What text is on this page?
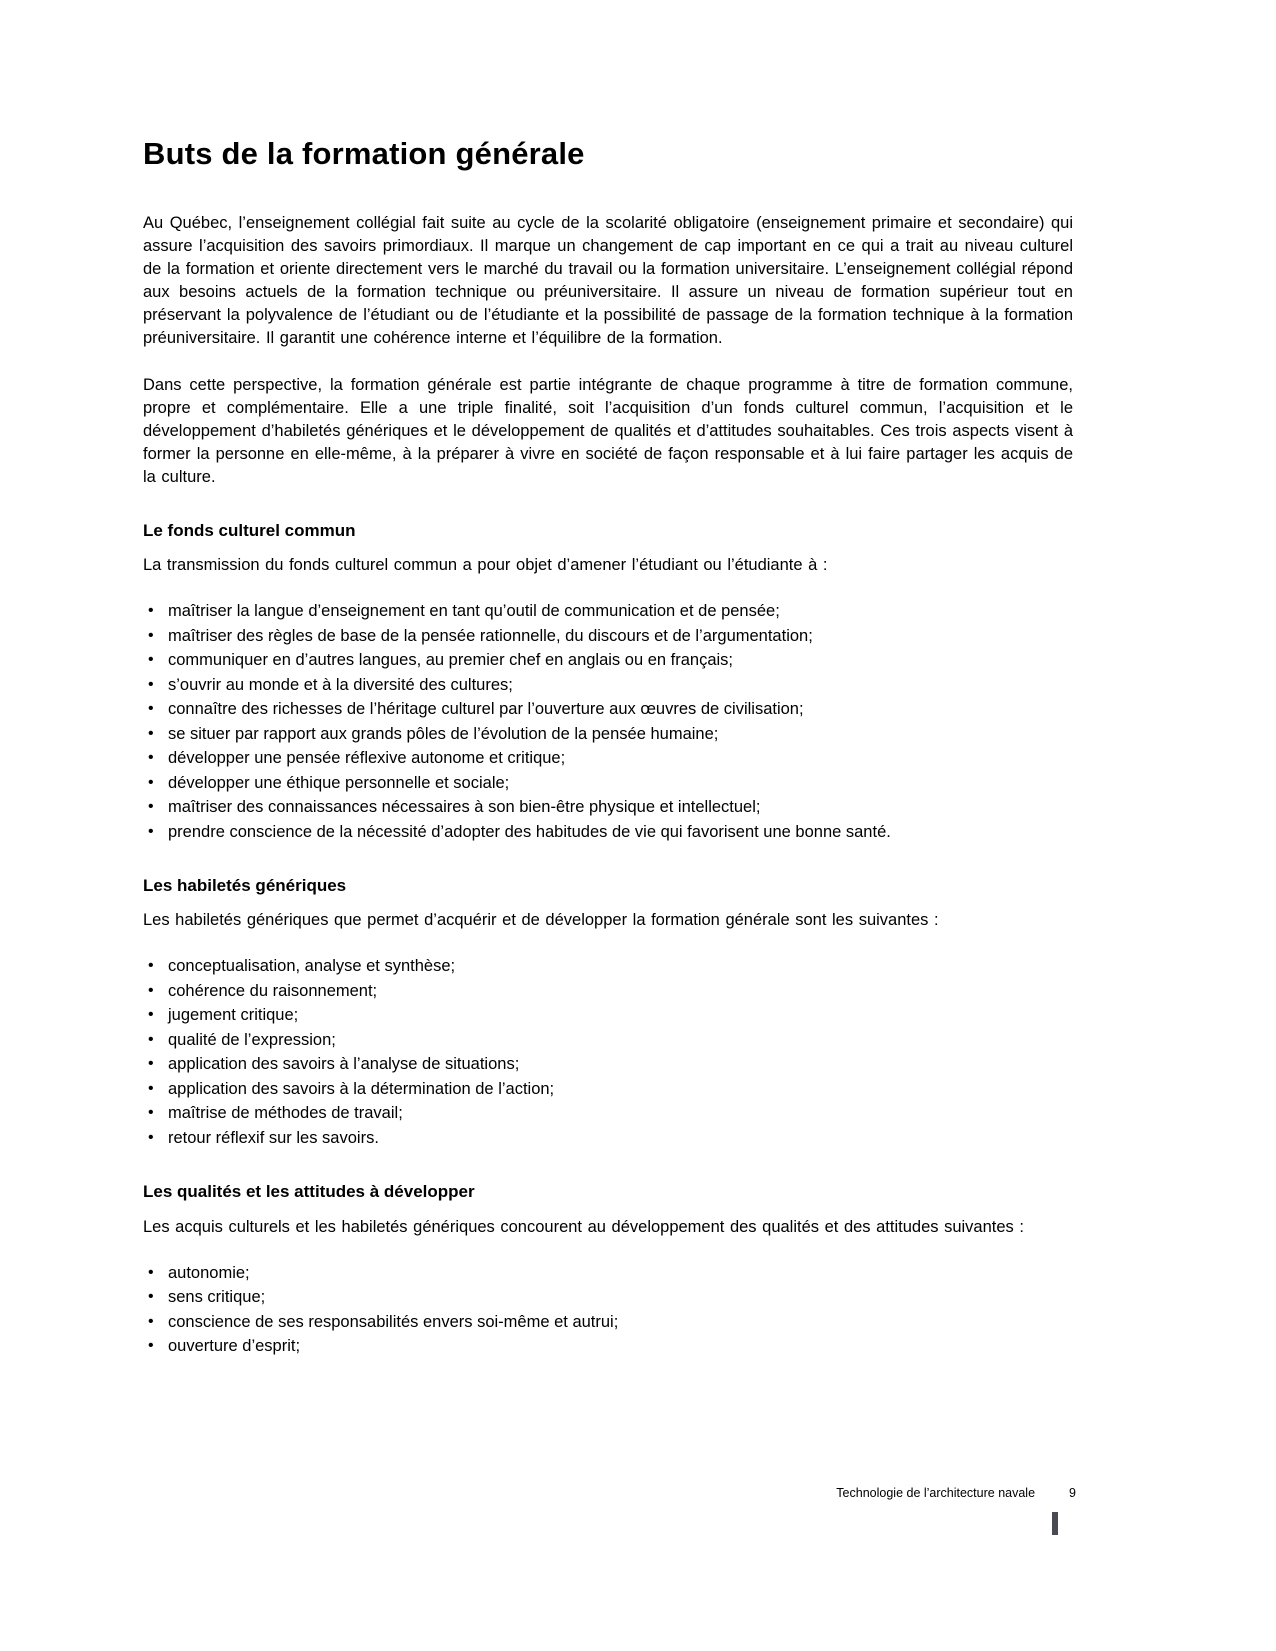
Buts de la formation générale

Au Québec, l’enseignement collégial fait suite au cycle de la scolarité obligatoire (enseignement primaire et secondaire) qui assure l’acquisition des savoirs primordiaux. Il marque un changement de cap important en ce qui a trait au niveau culturel de la formation et oriente directement vers le marché du travail ou la formation universitaire. L’enseignement collégial répond aux besoins actuels de la formation technique ou préuniversitaire. Il assure un niveau de formation supérieur tout en préservant la polyvalence de l’étudiant ou de l’étudiante et la possibilité de passage de la formation technique à la formation préuniversitaire. Il garantit une cohérence interne et l’équilibre de la formation.

Dans cette perspective, la formation générale est partie intégrante de chaque programme à titre de formation commune, propre et complémentaire. Elle a une triple finalité, soit l’acquisition d’un fonds culturel commun, l’acquisition et le développement d’habiletés génériques et le développement de qualités et d’attitudes souhaitables. Ces trois aspects visent à former la personne en elle-même, à la préparer à vivre en société de façon responsable et à lui faire partager les acquis de la culture.

Le fonds culturel commun

La transmission du fonds culturel commun a pour objet d’amener l’étudiant ou l’étudiante à :

• maîtriser la langue d’enseignement en tant qu’outil de communication et de pensée;
• maîtriser des règles de base de la pensée rationnelle, du discours et de l’argumentation;
• communiquer en d’autres langues, au premier chef en anglais ou en français;
• s’ouvrir au monde et à la diversité des cultures;
• connaître des richesses de l’héritage culturel par l’ouverture aux œuvres de civilisation;
• se situer par rapport aux grands pôles de l’évolution de la pensée humaine;
• développer une pensée réflexive autonome et critique;
• développer une éthique personnelle et sociale;
• maîtriser des connaissances nécessaires à son bien-être physique et intellectuel;
• prendre conscience de la nécessité d’adopter des habitudes de vie qui favorisent une bonne santé.
Les habiletés génériques

Les habiletés génériques que permet d’acquérir et de développer la formation générale sont les suivantes :

• conceptualisation, analyse et synthèse;
• cohérence du raisonnement;
• jugement critique;
• qualité de l’expression;
• application des savoirs à l’analyse de situations;
• application des savoirs à la détermination de l’action;
• maîtrise de méthodes de travail;
• retour réflexif sur les savoirs.
Les qualités et les attitudes à développer

Les acquis culturels et les habiletés génériques concourent au développement des qualités et des attitudes suivantes :

• autonomie;
• sens critique;
• conscience de ses responsabilités envers soi-même et autrui;
• ouverture d’esprit;
Technologie de l’architecture navale	9
